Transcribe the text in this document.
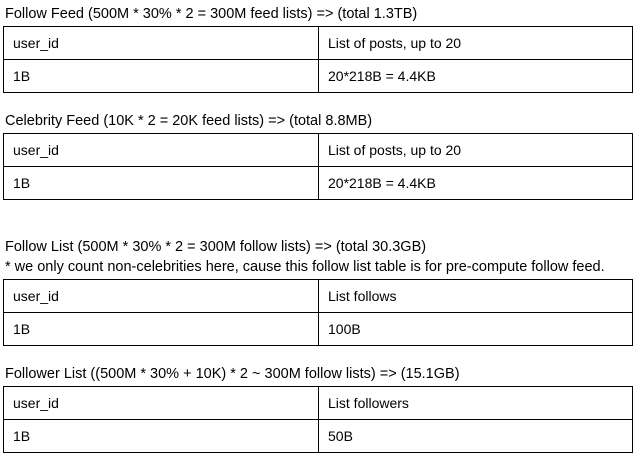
Follow Feed (500M * 30% * 2 = 300M feed lists) => (total 1.3TB)
user_id	List of posts, up to 20
1B	20*218B = 4.4KB
Celebrity Feed (10K * 2 = 20K feed lists) => (total 8.8MB)
user_id	List of posts, up to 20
1B	20*218B = 4.4KB
Follow List (500M * 30% * 2 = 300M follow lists) => (total 30.3GB)
* we only count non-celebrities here, cause this follow list table is for pre-compute follow feed.
user_id	List follows
1B	100B
Follower List ((500M * 30% + 10K) * 2 ~ 300M follow lists) => (15.1GB)
user_id	List followers
1B	50B
